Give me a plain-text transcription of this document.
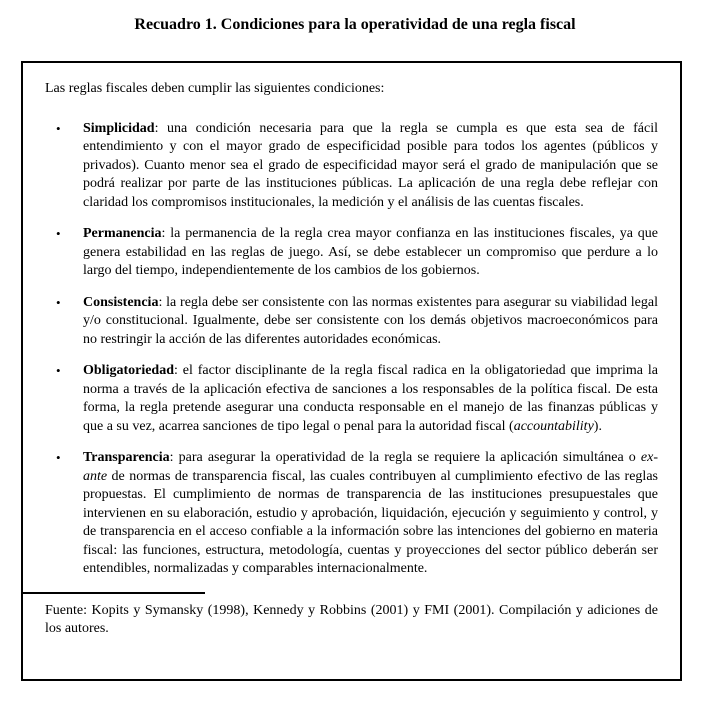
Recuadro 1. Condiciones para la operatividad de una regla fiscal

Las reglas fiscales deben cumplir las siguientes condiciones:

•	Simplicidad: una condición necesaria para que la regla se cumpla es que esta sea de fácil entendimiento y con el mayor grado de especificidad posible para todos los agentes (públicos y privados). Cuanto menor sea el grado de especificidad mayor será el grado de manipulación que se podrá realizar por parte de las instituciones públicas. La aplicación de una regla debe reflejar con claridad los compromisos institucionales, la medición y el análisis de las cuentas fiscales.
•	Permanencia: la permanencia de la regla crea mayor confianza en las instituciones fiscales, ya que genera estabilidad en las reglas de juego. Así, se debe establecer un compromiso que perdure a lo largo del tiempo, independientemente de los cambios de los gobiernos.
•	Consistencia: la regla debe ser consistente con las normas existentes para asegurar su viabilidad legal y/o constitucional. Igualmente, debe ser consistente con los demás objetivos macroeconómicos para no restringir la acción de las diferentes autoridades económicas.
•	Obligatoriedad: el factor disciplinante de la regla fiscal radica en la obligatoriedad que imprima la norma a través de la aplicación efectiva de sanciones a los responsables de la política fiscal. De esta forma, la regla pretende asegurar una conducta responsable en el manejo de las finanzas públicas y que a su vez, acarrea sanciones de tipo legal o penal para la autoridad fiscal (accountability).
•	Transparencia: para asegurar la operatividad de la regla se requiere la aplicación simultánea o ex-ante de normas de transparencia fiscal, las cuales contribuyen al cumplimiento efectivo de las reglas propuestas. El cumplimiento de normas de transparencia de las instituciones presupuestales que intervienen en su elaboración, estudio y aprobación, liquidación, ejecución y seguimiento y control, y de transparencia en el acceso confiable a la información sobre las intenciones del gobierno en materia fiscal: las funciones, estructura, metodología, cuentas y proyecciones del sector público deberán ser entendibles, normalizadas y comparables internacionalmente.

Fuente: Kopits y Symansky (1998), Kennedy y Robbins (2001) y FMI (2001). Compilación y adiciones de los autores.
